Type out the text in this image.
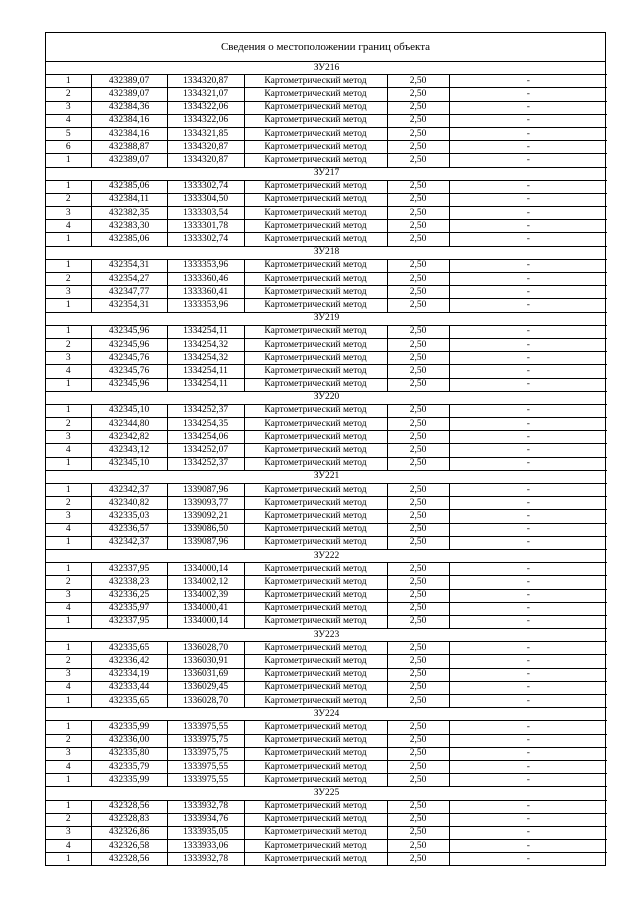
Сведения о местоположении границ объекта
ЗУ216					
1	432389,07	1334320,87	Картометрический метод	2,50	-
2	432389,07	1334321,07	Картометрический метод	2,50	-
3	432384,36	1334322,06	Картометрический метод	2,50	-
4	432384,16	1334322,06	Картометрический метод	2,50	-
5	432384,16	1334321,85	Картометрический метод	2,50	-
6	432388,87	1334320,87	Картометрический метод	2,50	-
1	432389,07	1334320,87	Картометрический метод	2,50	-
ЗУ217					
1	432385,06	1333302,74	Картометрический метод	2,50	-
2	432384,11	1333304,50	Картометрический метод	2,50	-
3	432382,35	1333303,54	Картометрический метод	2,50	-
4	432383,30	1333301,78	Картометрический метод	2,50	-
1	432385,06	1333302,74	Картометрический метод	2,50	-
ЗУ218					
1	432354,31	1333353,96	Картометрический метод	2,50	-
2	432354,27	1333360,46	Картометрический метод	2,50	-
3	432347,77	1333360,41	Картометрический метод	2,50	-
1	432354,31	1333353,96	Картометрический метод	2,50	-
ЗУ219					
1	432345,96	1334254,11	Картометрический метод	2,50	-
2	432345,96	1334254,32	Картометрический метод	2,50	-
3	432345,76	1334254,32	Картометрический метод	2,50	-
4	432345,76	1334254,11	Картометрический метод	2,50	-
1	432345,96	1334254,11	Картометрический метод	2,50	-
ЗУ220					
1	432345,10	1334252,37	Картометрический метод	2,50	-
2	432344,80	1334254,35	Картометрический метод	2,50	-
3	432342,82	1334254,06	Картометрический метод	2,50	-
4	432343,12	1334252,07	Картометрический метод	2,50	-
1	432345,10	1334252,37	Картометрический метод	2,50	-
ЗУ221					
1	432342,37	1339087,96	Картометрический метод	2,50	-
2	432340,82	1339093,77	Картометрический метод	2,50	-
3	432335,03	1339092,21	Картометрический метод	2,50	-
4	432336,57	1339086,50	Картометрический метод	2,50	-
1	432342,37	1339087,96	Картометрический метод	2,50	-
ЗУ222					
1	432337,95	1334000,14	Картометрический метод	2,50	-
2	432338,23	1334002,12	Картометрический метод	2,50	-
3	432336,25	1334002,39	Картометрический метод	2,50	-
4	432335,97	1334000,41	Картометрический метод	2,50	-
1	432337,95	1334000,14	Картометрический метод	2,50	-
ЗУ223					
1	432335,65	1336028,70	Картометрический метод	2,50	-
2	432336,42	1336030,91	Картометрический метод	2,50	-
3	432334,19	1336031,69	Картометрический метод	2,50	-
4	432333,44	1336029,45	Картометрический метод	2,50	-
1	432335,65	1336028,70	Картометрический метод	2,50	-
ЗУ224					
1	432335,99	1333975,55	Картометрический метод	2,50	-
2	432336,00	1333975,75	Картометрический метод	2,50	-
3	432335,80	1333975,75	Картометрический метод	2,50	-
4	432335,79	1333975,55	Картометрический метод	2,50	-
1	432335,99	1333975,55	Картометрический метод	2,50	-
ЗУ225					
1	432328,56	1333932,78	Картометрический метод	2,50	-
2	432328,83	1333934,76	Картометрический метод	2,50	-
3	432326,86	1333935,05	Картометрический метод	2,50	-
4	432326,58	1333933,06	Картометрический метод	2,50	-
1	432328,56	1333932,78	Картометрический метод	2,50	-
